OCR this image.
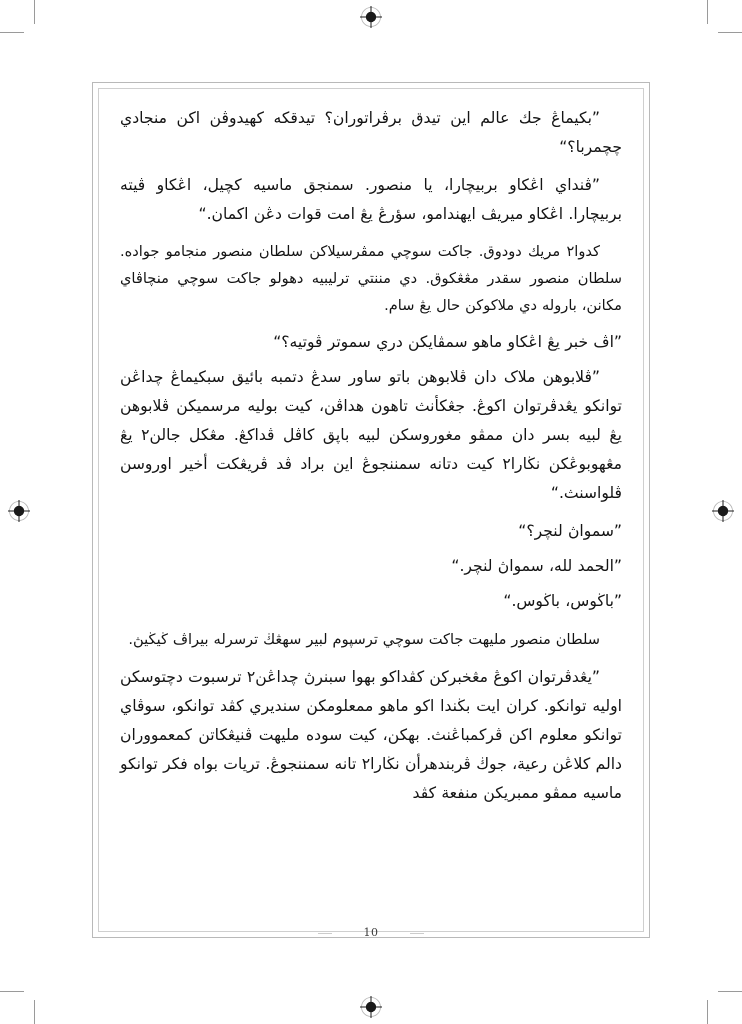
‏”بكيماڠ جك عالم اين تيدق برڤراتوران؟ تيدقكه كهيدوڤن اكن منجادي چچمربا؟“

‏”ڤنداي اڠكاو بربيچارا، يا منصور. سمنجق ماسيه كچيل، اڠكاو ڤيته بربيچارا. اڠكاو ميريڤ ايهندامو، سؤرڠ يڠ امت قوات دڠن اكمان.“

‏كدوا٢ مريك دودوق. جاكت سوچي ممڤرسيلاكن سلطان منصور منجامو جواده. سلطان منصور سقدر مڠڠكوق. دي مننتي ترليبيه دهولو جاكت سوچي منچاڤاي مكانن، بارولە دي ملاكوكن حال يڠ سام.

‏”اڤ خبر يڠ اڠكاو ماهو سمڤايكن دري سموتر ڤوتيه؟“

‏”ڤلابوهن ملاک دان ڤلابوهن باتو ساور سدڠ دتمبه بائيق سبكيماڠ چداڠن توانكو يڠدڤرتوان اكوڠ. جڠكأنث تاهون هداڤن، كيت بوليه مرسميكن ڤلابوهن يڠ لبيه بسر دان ممڤو مغوروسكن لبيه باڽق كاڤل ڤداكڠ. مڠكل جالن٢ يڠ مڠهوبوڠكن نڬارا٢ كيت دتانه سمننجوڠ اين براد ڤد ڤريڠكت أخير اوروسن ڤلواسنث.“

‏”سمواڽ لنچر؟“

‏”الحمد لله، سمواڽ لنچر.“

‏”باڬوس، باڬوس.“

‏سلطان منصور مليهت جاكت سوچي ترسڽوم لبير سهڠڬ ترسرله بيراڤ ڬيڬيڽ.

‏”يڠدڤرتوان اكوڠ مڠخبركن كڤداكو بهوا سبنرڽ چداڠن٢ ترسبوت دچتوسكن اوليه توانكو. كران ايت بڬندا اكو ماهو ممعلومكن سنديري كڤد توانكو، سوڤاي توانكو معلوم اكن ڤركمباڠنث. بهكن، كيت سوده مليهت ڤنيڠكاتن كمعمووران دالم كلاڠن رعية، جوڬ ڤربندهرأن نڬارا٢ تانه سمننجوڠ. تريات بواه فكر توانكو ماسيه ممڤو ممبريكن منفعة كڤد

10
